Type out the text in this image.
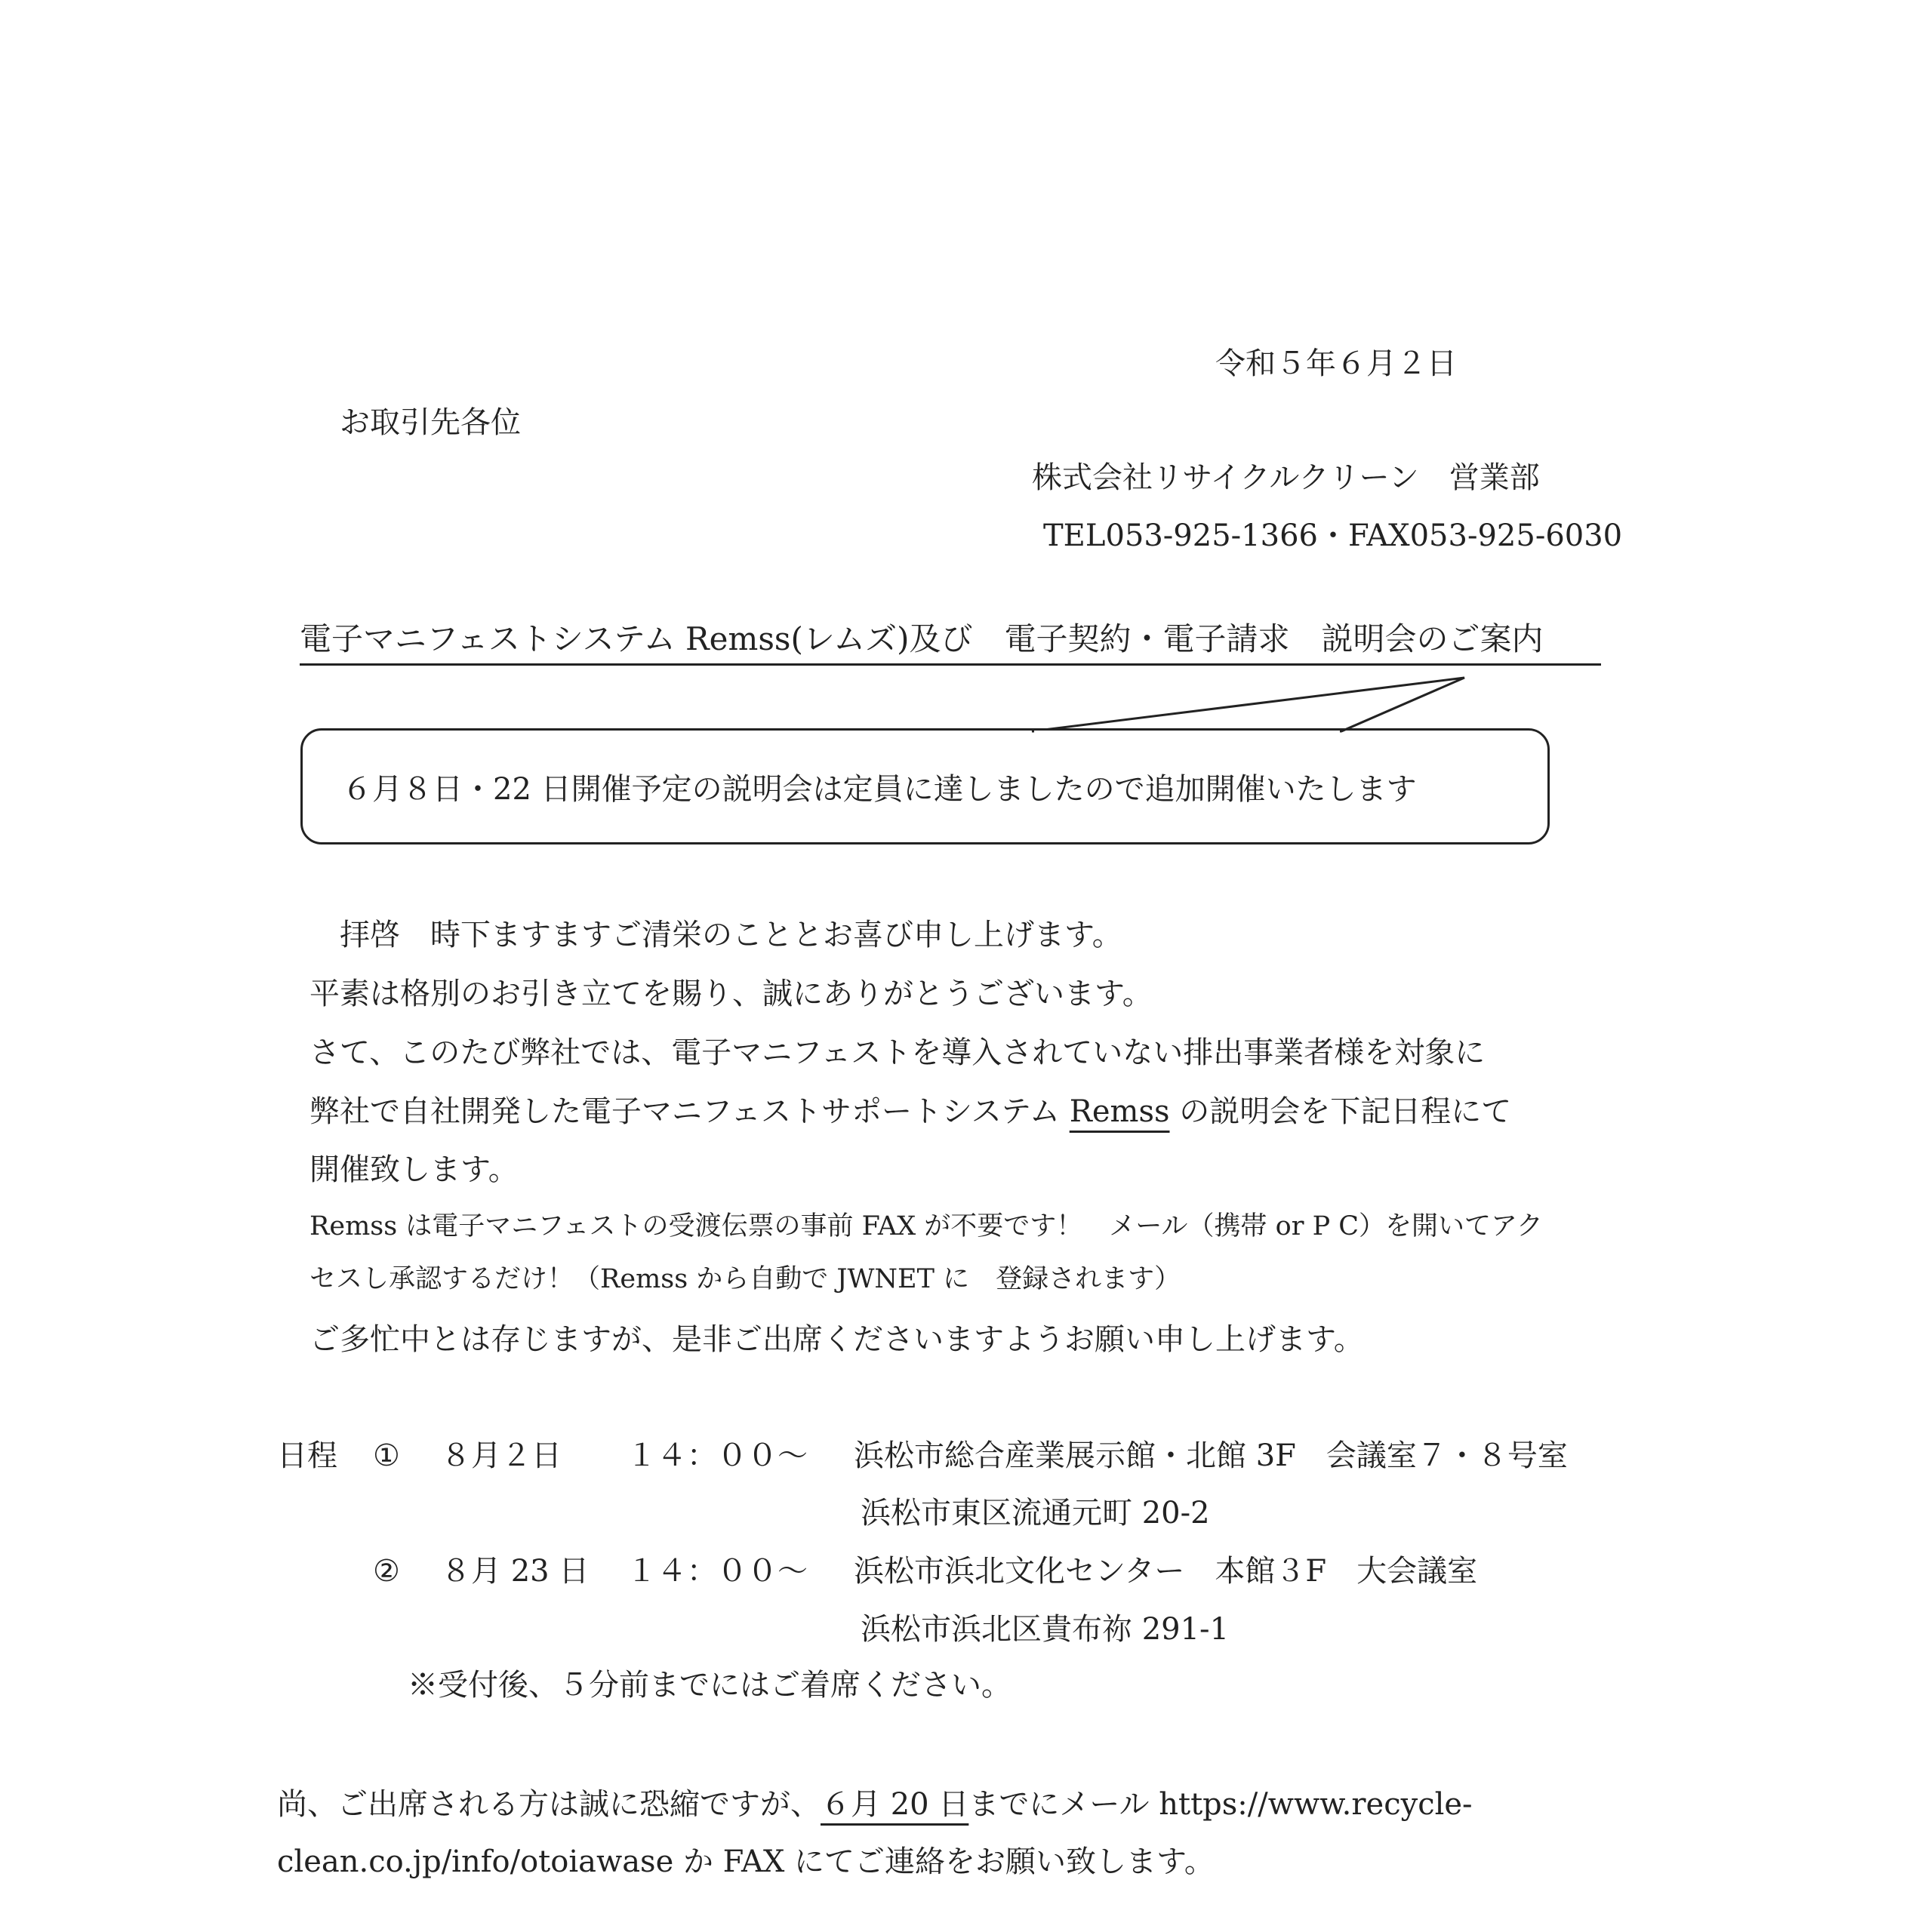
令和５年６月２日
お取引先各位
株式会社リサイクルクリーン　営業部
TEL053-925-1366・FAX053-925-6030
電子マニフェストシステム Remss(レムズ)及び　電子契約・電子請求　説明会のご案内
６月８日・22 日開催予定の説明会は定員に達しましたので追加開催いたします
拝啓　時下ますますご清栄のこととお喜び申し上げます。
平素は格別のお引き立てを賜り、誠にありがとうございます。
さて、このたび弊社では、電子マニフェストを導入されていない排出事業者様を対象に
弊社で自社開発した電子マニフェストサポートシステム Remss の説明会を下記日程にて
開催致します。
Remss は電子マニフェストの受渡伝票の事前 FAX が不要です！　メール（携帯 or P C）を開いてアク
セスし承認するだけ！（Remss から自動で JWNET に　登録されます）
ご多忙中とは存じますが、是非ご出席くださいますようお願い申し上げます。
日程 ① ８月２日 １４：００～ 浜松市総合産業展示館・北館 3F　会議室７・８号室
浜松市東区流通元町 20-2
② ８月 23 日 １４：００～ 浜松市浜北文化センター　本館３F　大会議室
浜松市浜北区貴布祢 291-1
※受付後、５分前までにはご着席ください。
尚、ご出席される方は誠に恐縮ですが、６月 20 日までにメール https://www.recycle-
clean.co.jp/info/otoiawase か FAX にてご連絡をお願い致します。
